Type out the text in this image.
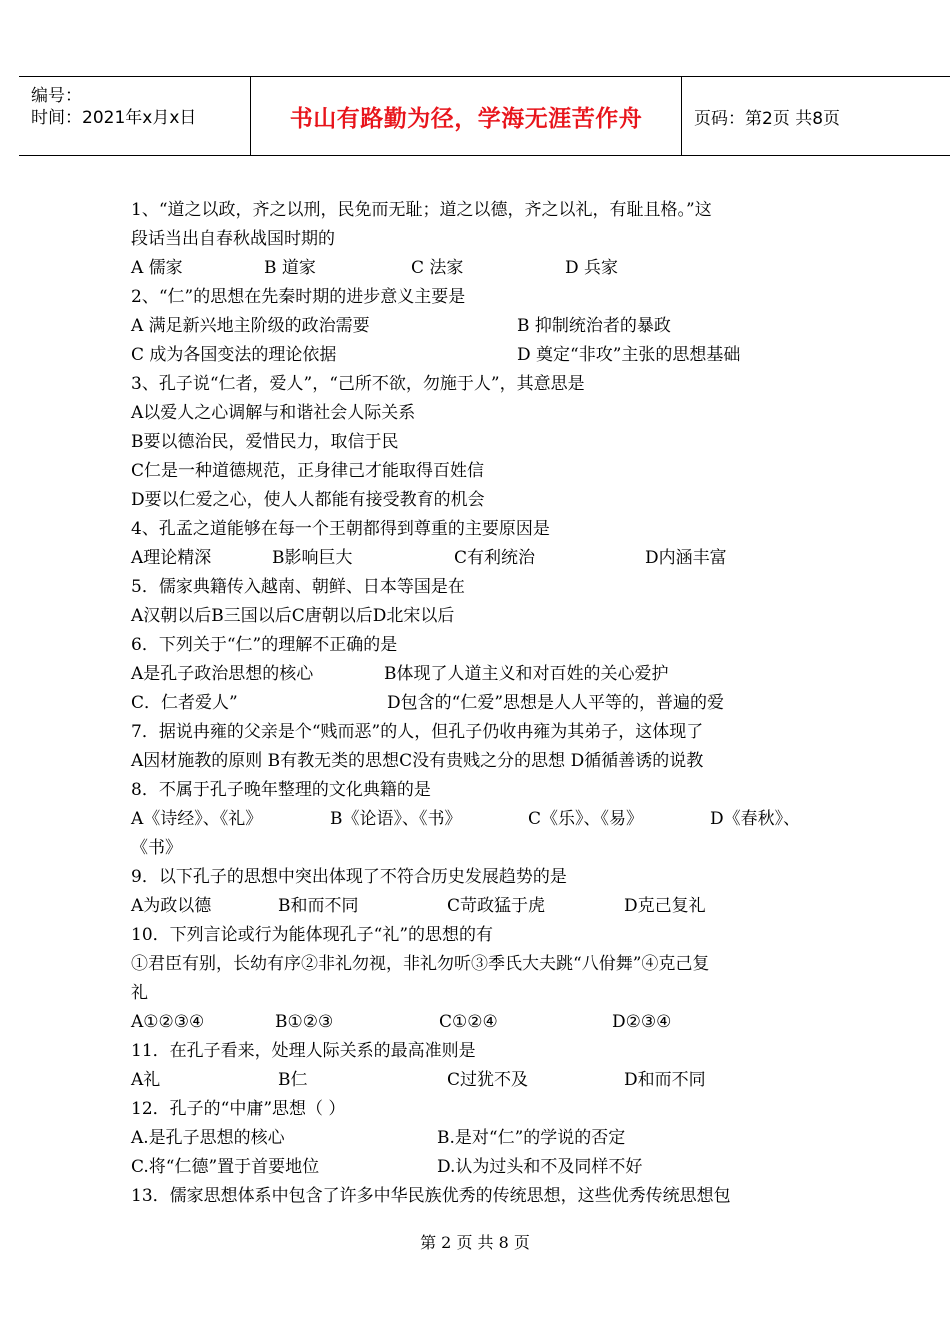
编号：
时间：2021年x月x日	书山有路勤为径，学海无涯苦作舟	页码：第2页 共8页
1、“道之以政，齐之以刑，民免而无耻；道之以德，齐之以礼，有耻且格。”这
段话当出自春秋战国时期的
A 儒家	B 道家	C 法家	D 兵家
2、“仁”的思想在先秦时期的进步意义主要是
A 满足新兴地主阶级的政治需要	B 抑制统治者的暴政
C 成为各国变法的理论依据	D 奠定“非攻”主张的思想基础
3、孔子说“仁者，爱人”，“己所不欲，勿施于人”，其意思是
A以爱人之心调解与和谐社会人际关系
B要以德治民，爱惜民力，取信于民
C仁是一种道德规范，正身律己才能取得百姓信
D要以仁爱之心，使人人都能有接受教育的机会
4、孔孟之道能够在每一个王朝都得到尊重的主要原因是
A理论精深	B影响巨大	C有利统治	D内涵丰富
5．儒家典籍传入越南、朝鲜、日本等国是在
A汉朝以后B三国以后C唐朝以后D北宋以后
6．下列关于“仁”的理解不正确的是
A是孔子政治思想的核心	B体现了人道主义和对百姓的关心爱护
C．仁者爱人”	D包含的“仁爱”思想是人人平等的，普遍的爱
7．据说冉雍的父亲是个“贱而恶”的人，但孔子仍收冉雍为其弟子，这体现了
A因材施教的原则 B有教无类的思想C没有贵贱之分的思想 D循循善诱的说教
8．不属于孔子晚年整理的文化典籍的是
A《诗经》、《礼》	B《论语》、《书》	C《乐》、《易》	D《春秋》、
《书》
9．以下孔子的思想中突出体现了不符合历史发展趋势的是
A为政以德	B和而不同	C苛政猛于虎	D克己复礼
10．下列言论或行为能体现孔子“礼”的思想的有
①君臣有别，长幼有序②非礼勿视，非礼勿听③季氏大夫跳“八佾舞”④克己复
礼
A①②③④	B①②③	C①②④	D②③④
11．在孔子看来，处理人际关系的最高准则是
A礼	B仁	C过犹不及	D和而不同
12．孔子的“中庸”思想（ ）
A.是孔子思想的核心	B.是对“仁”的学说的否定
C.将“仁德”置于首要地位	D.认为过头和不及同样不好
13．儒家思想体系中包含了许多中华民族优秀的传统思想，这些优秀传统思想包
第 2 页 共 8 页
